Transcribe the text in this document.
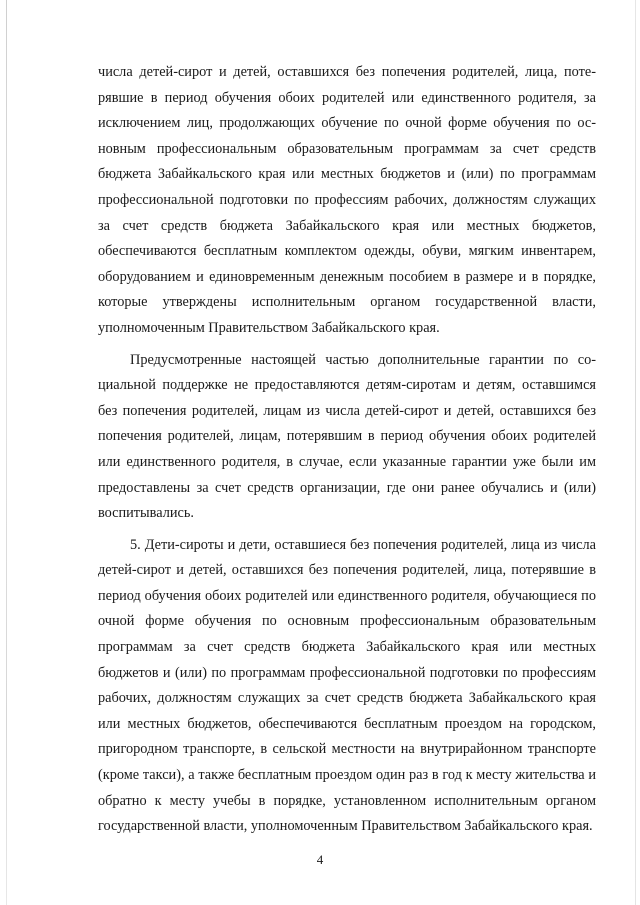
числа детей-сирот и детей, оставшихся без попечения родителей, лица, потерявшие в период обучения обоих родителей или единственного родителя, за исключением лиц, продолжающих обучение по очной форме обучения по основным профессиональным образовательным программам за счет средств бюджета Забайкальского края или местных бюджетов и (или) по программам профессиональной подготовки по профессиям рабочих, должностям служащих за счет средств бюджета Забайкальского края или местных бюджетов, обеспечиваются бесплатным комплектом одежды, обуви, мягким инвентарем, оборудованием и единовременным денежным пособием в размере и в порядке, которые утверждены исполнительным органом государственной власти, уполномоченным Правительством Забайкальского края.

Предусмотренные настоящей частью дополнительные гарантии по социальной поддержке не предоставляются детям-сиротам и детям, оставшимся без попечения родителей, лицам из числа детей-сирот и детей, оставшихся без попечения родителей, лицам, потерявшим в период обучения обоих родителей или единственного родителя, в случае, если указанные гарантии уже были им предоставлены за счет средств организации, где они ранее обучались и (или) воспитывались.

5. Дети-сироты и дети, оставшиеся без попечения родителей, лица из числа детей-сирот и детей, оставшихся без попечения родителей, лица, потерявшие в период обучения обоих родителей или единственного родителя, обучающиеся по очной форме обучения по основным профессиональным образовательным программам за счет средств бюджета Забайкальского края или местных бюджетов и (или) по программам профессиональной подготовки по профессиям рабочих, должностям служащих за счет средств бюджета Забайкальского края или местных бюджетов, обеспечиваются бесплатным проездом на городском, пригородном транспорте, в сельской местности на внутрирайонном транспорте (кроме такси), а также бесплатным проездом один раз в год к месту жительства и обратно к месту учебы в порядке, установленном исполнительным органом государственной власти, уполномоченным Правительством Забайкальского края.

4
